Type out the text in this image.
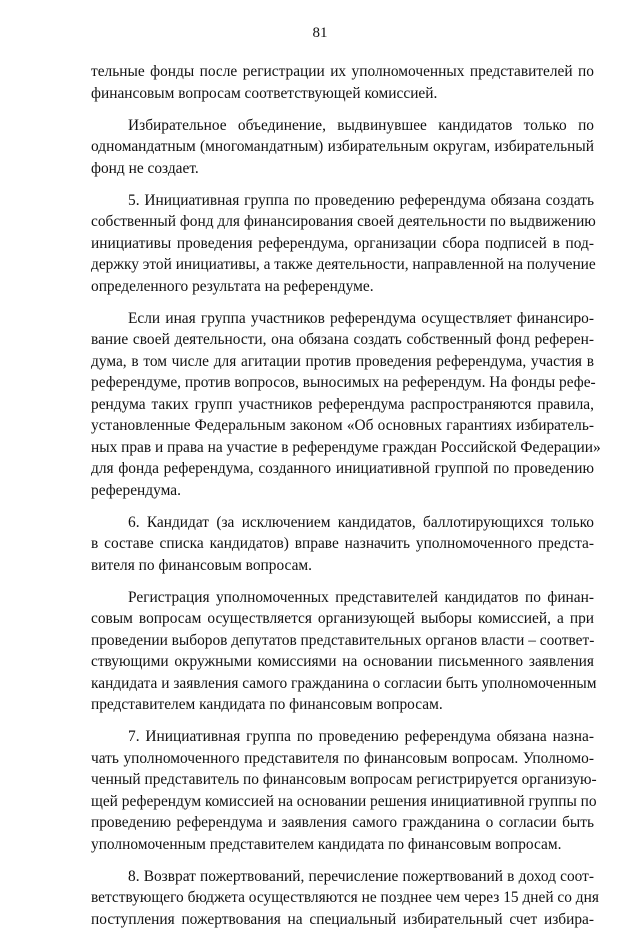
81
тельные фонды после регистрации их уполномоченных представителей по
финансовым вопросам соответствующей комиссией.
Избирательное объединение, выдвинувшее кандидатов только по
одномандатным (многомандатным) избирательным округам, избирательный
фонд не создает.
5. Инициативная группа по проведению референдума обязана создать
собственный фонд для финансирования своей деятельности по выдвижению
инициативы проведения референдума, организации сбора подписей в под-
держку этой инициативы, а также деятельности, направленной на получение
определенного результата на референдуме.
Если иная группа участников референдума осуществляет финансиро-
вание своей деятельности, она обязана создать собственный фонд референ-
дума, в том числе для агитации против проведения референдума, участия в
референдуме, против вопросов, выносимых на референдум. На фонды рефе-
рендума таких групп участников референдума распространяются правила,
установленные Федеральным законом «Об основных гарантиях избиратель-
ных прав и права на участие в референдуме граждан Российской Федерации»
для фонда референдума, созданного инициативной группой по проведению
референдума.
6. Кандидат (за исключением кандидатов, баллотирующихся только
в составе списка кандидатов) вправе назначить уполномоченного предста-
вителя по финансовым вопросам.
Регистрация уполномоченных представителей кандидатов по финан-
совым вопросам осуществляется организующей выборы комиссией, а при
проведении выборов депутатов представительных органов власти – соответ-
ствующими окружными комиссиями на основании письменного заявления
кандидата и заявления самого гражданина о согласии быть уполномоченным
представителем кандидата по финансовым вопросам.
7. Инициативная группа по проведению референдума обязана назна-
чать уполномоченного представителя по финансовым вопросам. Уполномо-
ченный представитель по финансовым вопросам регистрируется организую-
щей референдум комиссией на основании решения инициативной группы по
проведению референдума и заявления самого гражданина о согласии быть
уполномоченным представителем кандидата по финансовым вопросам.
8. Возврат пожертвований, перечисление пожертвований в доход соот-
ветствующего бюджета осуществляются не позднее чем через 15 дней со дня
поступления пожертвования на специальный избирательный счет избира-
